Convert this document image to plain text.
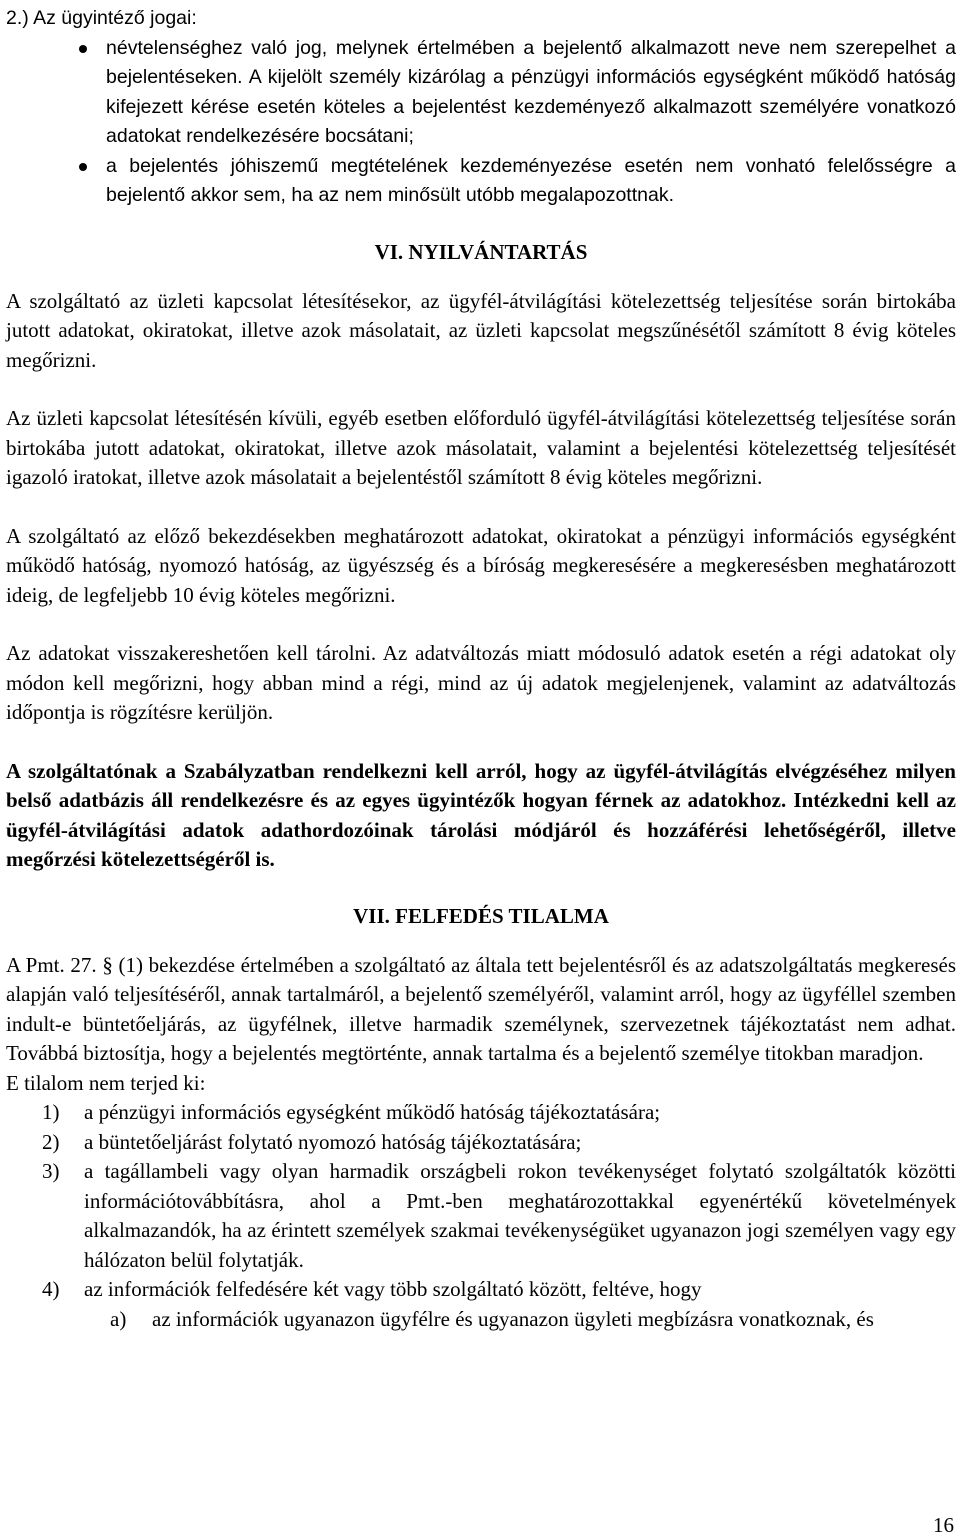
2.) Az ügyintéző jogai:

névtelenséghez való jog, melynek értelmében a bejelentő alkalmazott neve nem szerepelhet a bejelentéseken. A kijelölt személy kizárólag a pénzügyi információs egységként működő hatóság kifejezett kérése esetén köteles a bejelentést kezdeményező alkalmazott személyére vonatkozó adatokat rendelkezésére bocsátani;
a bejelentés jóhiszemű megtételének kezdeményezése esetén nem vonható felelősségre a bejelentő akkor sem, ha az nem minősült utóbb megalapozottnak.
VI. NYILVÁNTARTÁS

A szolgáltató az üzleti kapcsolat létesítésekor, az ügyfél-átvilágítási kötelezettség teljesítése során birtokába jutott adatokat, okiratokat, illetve azok másolatait, az üzleti kapcsolat megszűnésétől számított 8 évig köteles megőrizni.

Az üzleti kapcsolat létesítésén kívüli, egyéb esetben előforduló ügyfél-átvilágítási kötelezettség teljesítése során birtokába jutott adatokat, okiratokat, illetve azok másolatait, valamint a bejelentési kötelezettség teljesítését igazoló iratokat, illetve azok másolatait a bejelentéstől számított 8 évig köteles megőrizni.

A szolgáltató az előző bekezdésekben meghatározott adatokat, okiratokat a pénzügyi információs egységként működő hatóság, nyomozó hatóság, az ügyészség és a bíróság megkeresésére a megkeresésben meghatározott ideig, de legfeljebb 10 évig köteles megőrizni.

Az adatokat visszakereshetően kell tárolni. Az adatváltozás miatt módosuló adatok esetén a régi adatokat oly módon kell megőrizni, hogy abban mind a régi, mind az új adatok megjelenjenek, valamint az adatváltozás időpontja is rögzítésre kerüljön.

A szolgáltatónak a Szabályzatban rendelkezni kell arról, hogy az ügyfél-átvilágítás elvégzéséhez milyen belső adatbázis áll rendelkezésre és az egyes ügyintézők hogyan férnek az adatokhoz. Intézkedni kell az ügyfél-átvilágítási adatok adathordozóinak tárolási módjáról és hozzáférési lehetőségéről, illetve megőrzési kötelezettségéről is.

VII. FELFEDÉS TILALMA

A Pmt. 27. § (1) bekezdése értelmében a szolgáltató az általa tett bejelentésről és az adatszolgáltatás megkeresés alapján való teljesítéséről, annak tartalmáról, a bejelentő személyéről, valamint arról, hogy az ügyféllel szemben indult-e büntetőeljárás, az ügyfélnek, illetve harmadik személynek, szervezetnek tájékoztatást nem adhat. Továbbá biztosítja, hogy a bejelentés megtörténte, annak tartalma és a bejelentő személye titokban maradjon.

E tilalom nem terjed ki:

1) a pénzügyi információs egységként működő hatóság tájékoztatására;
2) a büntetőeljárást folytató nyomozó hatóság tájékoztatására;
3) a tagállambeli vagy olyan harmadik országbeli rokon tevékenységet folytató szolgáltatók közötti információtovábbításra, ahol a Pmt.-ben meghatározottakkal egyenértékű követelmények alkalmazandók, ha az érintett személyek szakmai tevékenységüket ugyanazon jogi személyen vagy egy hálózaton belül folytatják.
4) az információk felfedésére két vagy több szolgáltató között, feltéve, hogy
a) az információk ugyanazon ügyfélre és ugyanazon ügyleti megbízásra vonatkoznak, és
16
